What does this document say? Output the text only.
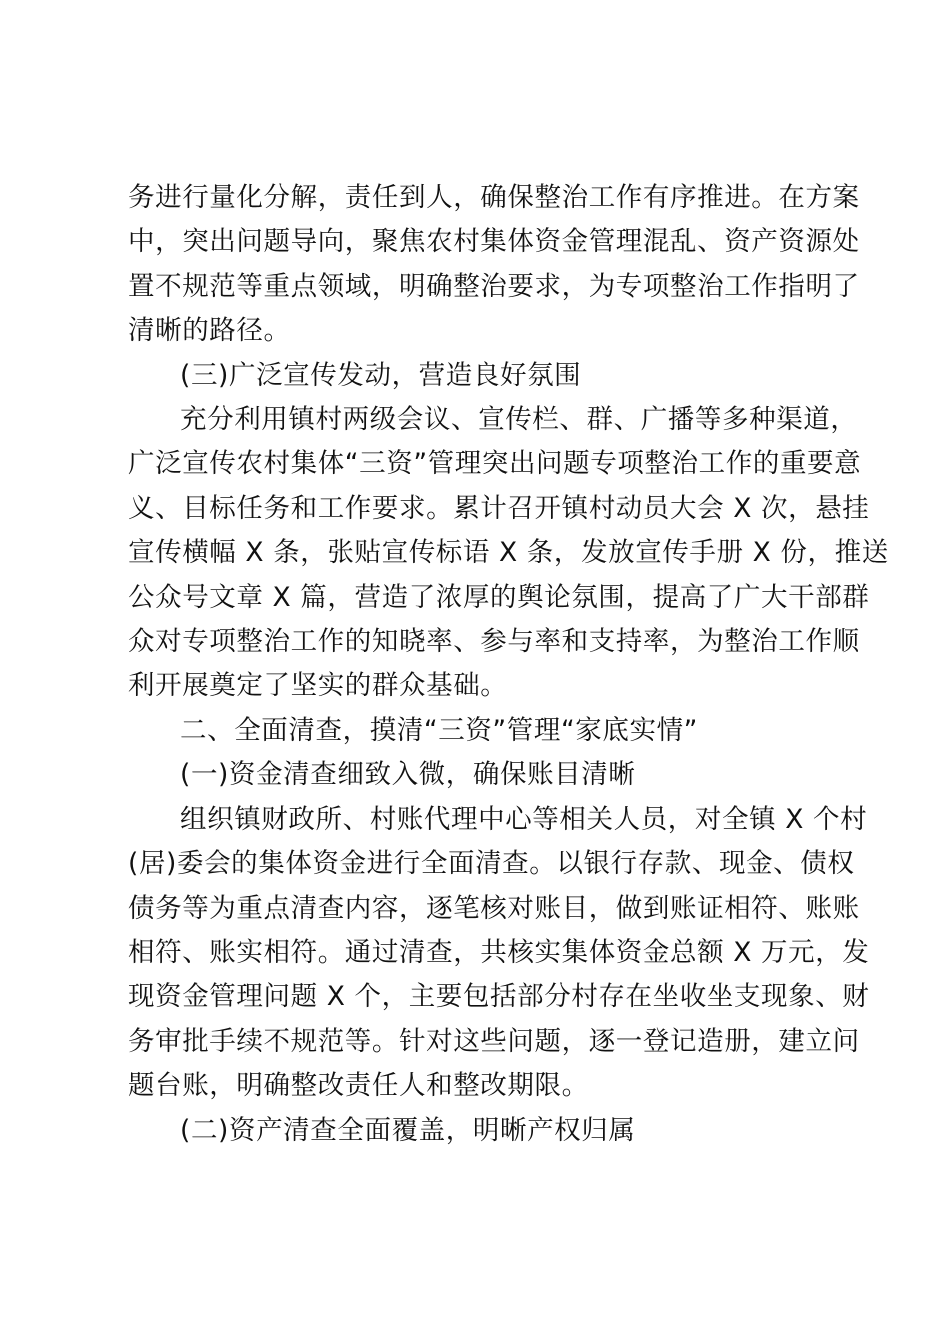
务进行量化分解，责任到人，确保整治工作有序推进。在方案
中，突出问题导向，聚焦农村集体资金管理混乱、资产资源处
置不规范等重点领域，明确整治要求，为专项整治工作指明了
清晰的路径。

(三)广泛宣传发动，营造良好氛围

充分利用镇村两级会议、宣传栏、群、广播等多种渠道，
广泛宣传农村集体“三资”管理突出问题专项整治工作的重要意
义、目标任务和工作要求。累计召开镇村动员大会 X 次，悬挂
宣传横幅 X 条，张贴宣传标语 X 条，发放宣传手册 X 份，推送
公众号文章 X 篇，营造了浓厚的舆论氛围，提高了广大干部群
众对专项整治工作的知晓率、参与率和支持率，为整治工作顺
利开展奠定了坚实的群众基础。

二、全面清查，摸清“三资”管理“家底实情”

(一)资金清查细致入微，确保账目清晰

组织镇财政所、村账代理中心等相关人员，对全镇 X 个村
(居)委会的集体资金进行全面清查。以银行存款、现金、债权
债务等为重点清查内容，逐笔核对账目，做到账证相符、账账
相符、账实相符。通过清查，共核实集体资金总额 X 万元，发
现资金管理问题 X 个，主要包括部分村存在坐收坐支现象、财
务审批手续不规范等。针对这些问题，逐一登记造册，建立问
题台账，明确整改责任人和整改期限。

(二)资产清查全面覆盖，明晰产权归属
